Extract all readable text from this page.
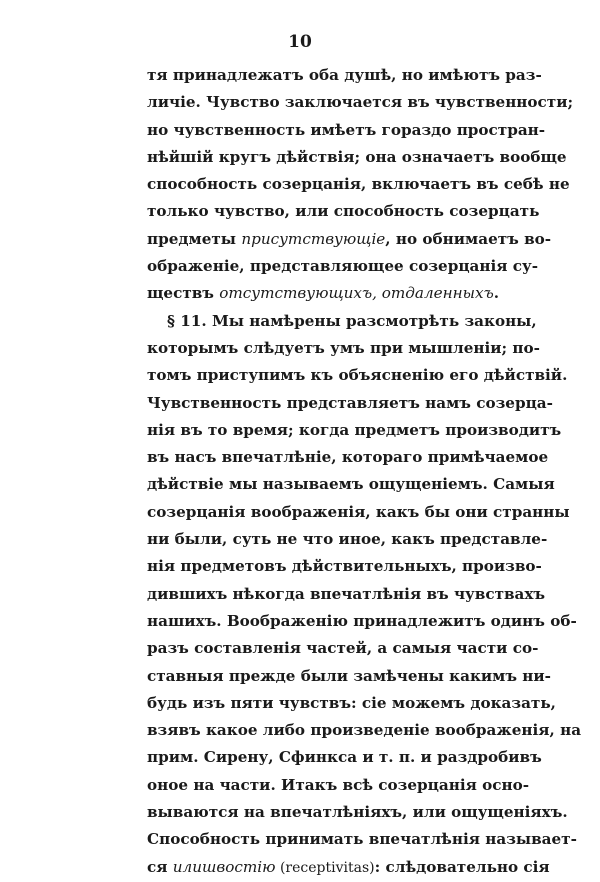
10
тя принадлежатъ оба душѣ, но имѣютъ раз-
личіе. Чувство заключается въ чувственности;
но чувственность имѣетъ гораздо простран-
нѣйшій кругъ дѣйствія; она означаетъ вообще
способность созерцанія, включаетъ въ себѣ не
только чувство, или способность созерцать
предметы присутствующіе, но обнимаетъ во-
ображеніе, представляющее созерцанія су-
ществъ отсутствующихъ, отдаленныхъ.
§ 11. Мы намѣрены разсмотрѣть законы,
которымъ слѣдуетъ умъ при мышленіи; по-
томъ приступимъ къ объясненію его дѣйствій.
Чувственность представляетъ намъ созерца-
нія въ то время; когда предметъ производитъ
въ насъ впечатлѣніе, котораго примѣчаемое
дѣйствіе мы называемъ ощущеніемъ. Самыя
созерцанія воображенія, какъ бы они странны
ни были, суть не что иное, какъ представле-
нія предметовъ дѣйствительныхъ, произво-
дившихъ нѣкогда впечатлѣнія въ чувствахъ
нашихъ. Воображенію принадлежитъ одинъ об-
разъ составленія частей, а самыя части со-
ставныя прежде были замѣчены какимъ ни-
будь изъ пяти чувствъ: сіе можемъ доказать,
взявъ какое либо произведеніе воображенія, на
прим. Сирену, Сфинкса и т. п. и раздробивъ
оное на части. Итакъ всѣ созерцанія осно-
вываются на впечатлѣніяхъ, или ощущеніяхъ.
Способность принимать впечатлѣнія называет-
ся илишвостію (receptivitas): слѣдовательно сія
